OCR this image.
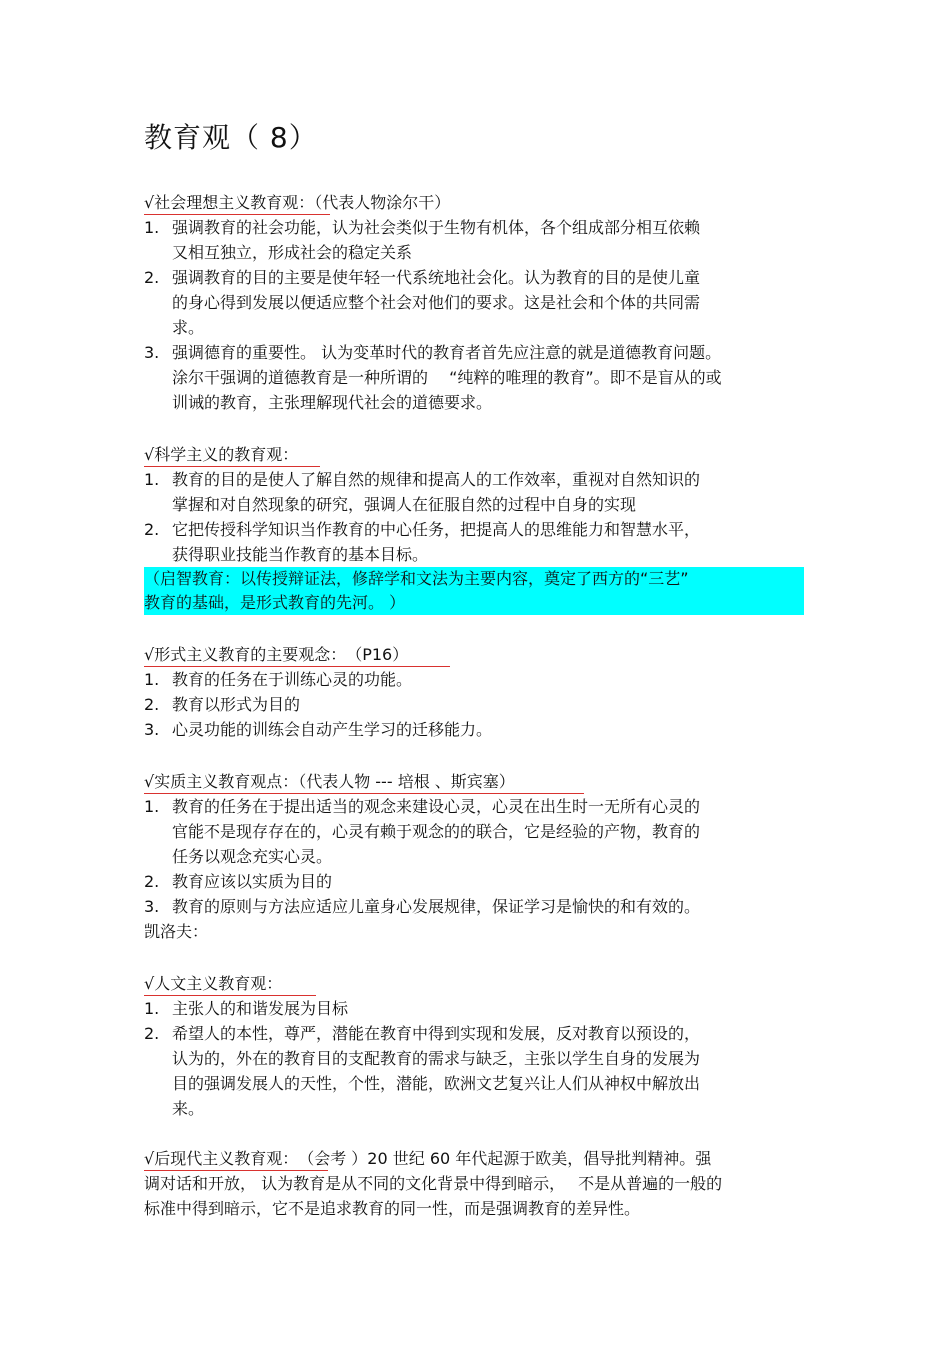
教育观（ 8）
√社会理想主义教育观：（代表人物涂尔干）
1. 强调教育的社会功能，认为社会类似于生物有机体，各个组成部分相互依赖
又相互独立，形成社会的稳定关系
2. 强调教育的目的主要是使年轻一代系统地社会化。认为教育的目的是使儿童
的身心得到发展以便适应整个社会对他们的要求。这是社会和个体的共同需
求。
3. 强调德育的重要性。 认为变革时代的教育者首先应注意的就是道德教育问题。
涂尔干强调的道德教育是一种所谓的　 “纯粹的唯理的教育”。即不是盲从的或
训诫的教育，主张理解现代社会的道德要求。
√科学主义的教育观：
1. 教育的目的是使人了解自然的规律和提高人的工作效率，重视对自然知识的
掌握和对自然现象的研究，强调人在征服自然的过程中自身的实现
2. 它把传授科学知识当作教育的中心任务，把提高人的思维能力和智慧水平，
获得职业技能当作教育的基本目标。
（启智教育：以传授辩证法，修辞学和文法为主要内容，奠定了西方的“三艺”
教育的基础，是形式教育的先河。 ）
√形式主义教育的主要观念：　（P16）
1. 教育的任务在于训练心灵的功能。
2. 教育以形式为目的
3. 心灵功能的训练会自动产生学习的迁移能力。
√实质主义教育观点：（代表人物 --- 培根 、斯宾塞）
1. 教育的任务在于提出适当的观念来建设心灵，心灵在出生时一无所有心灵的
官能不是现存存在的，心灵有赖于观念的的联合，它是经验的产物，教育的
任务以观念充实心灵。
2. 教育应该以实质为目的
3. 教育的原则与方法应适应儿童身心发展规律，保证学习是愉快的和有效的。
凯洛夫：
√人文主义教育观：
1. 主张人的和谐发展为目标
2. 希望人的本性，尊严，潜能在教育中得到实现和发展，反对教育以预设的，
认为的，外在的教育目的支配教育的需求与缺乏，主张以学生自身的发展为
目的强调发展人的天性，个性，潜能，欧洲文艺复兴让人们从神权中解放出
来。
√后现代主义教育观：
（会考 ）20 世纪 60 年代起源于欧美，倡导批判精神。强
调对话和开放， 认为教育是从不同的文化背景中得到暗示，　 不是从普遍的一般的
标准中得到暗示，它不是追求教育的同一性，而是强调教育的差异性。
